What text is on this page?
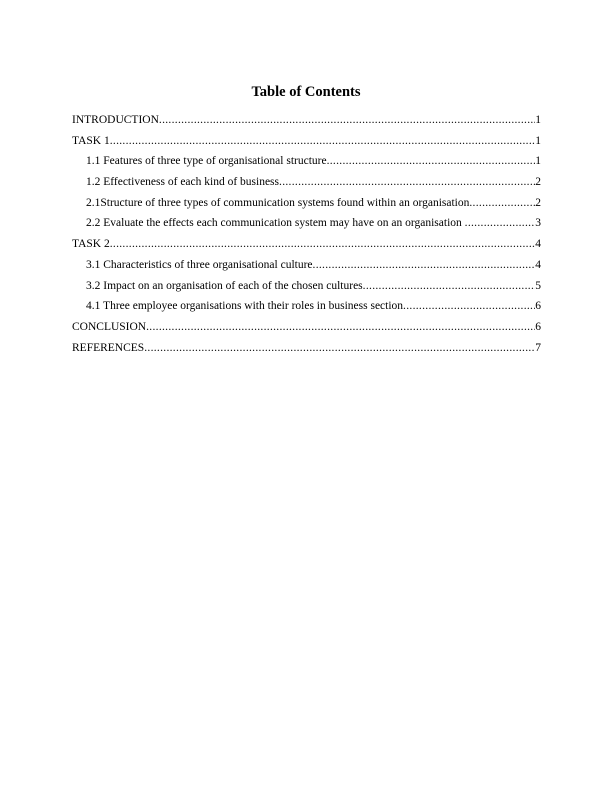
Table of Contents
INTRODUCTION .....	1
TASK 1 .....	1
1.1 Features of three type of organisational structure .....	1
1.2 Effectiveness of each kind of business .....	2
2.1Structure of three types of communication systems found within an organisation .....	2
2.2 Evaluate the effects each communication system may have on an organisation .....	3
TASK 2 .....	4
3.1 Characteristics of three organisational culture .....	4
3.2 Impact on an organisation of each of the chosen cultures .....	5
4.1 Three employee organisations with their roles in business section .....	6
CONCLUSION .....	6
REFERENCES .....	7
